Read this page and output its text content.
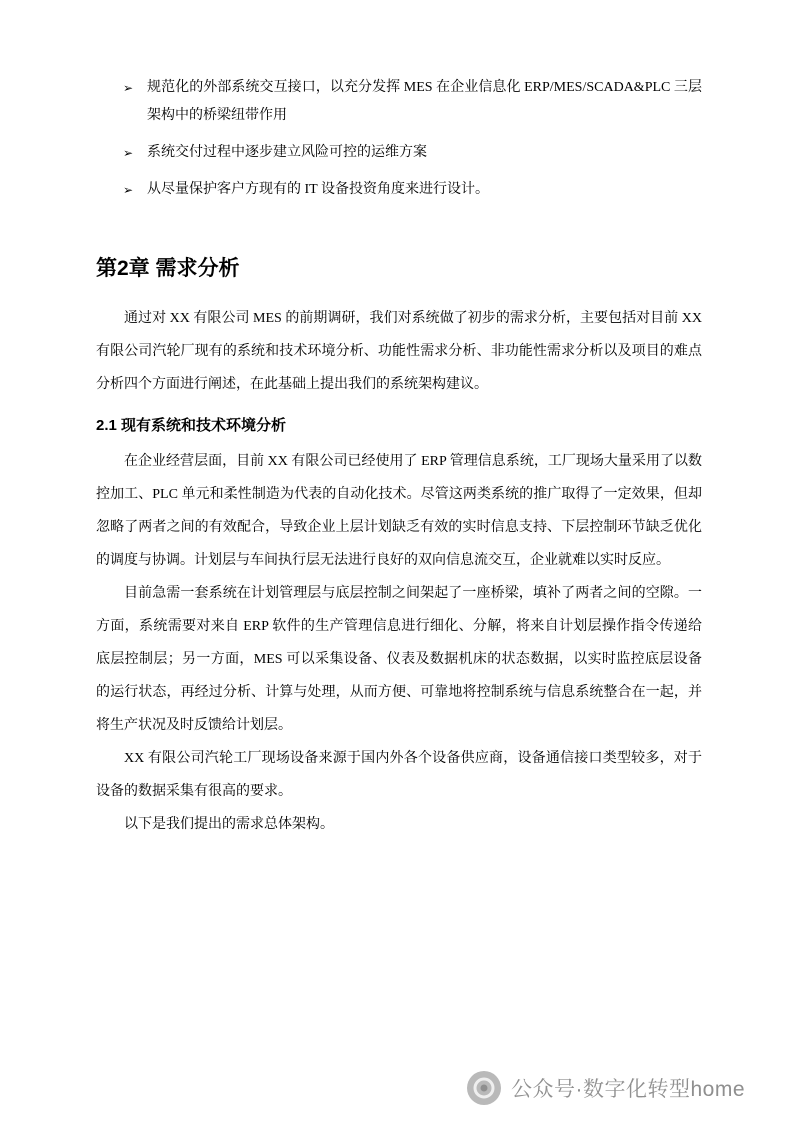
➢ 规范化的外部系统交互接口，以充分发挥 MES 在企业信息化 ERP/MES/SCADA&PLC 三层架构中的桥梁纽带作用
➢ 系统交付过程中逐步建立风险可控的运维方案
➢ 从尽量保护客户方现有的 IT 设备投资角度来进行设计。
第2章 需求分析

通过对 XX 有限公司 MES 的前期调研，我们对系统做了初步的需求分析，主要包括对目前 XX 有限公司汽轮厂现有的系统和技术环境分析、功能性需求分析、非功能性需求分析以及项目的难点分析四个方面进行阐述，在此基础上提出我们的系统架构建议。

2.1 现有系统和技术环境分析

在企业经营层面，目前 XX 有限公司已经使用了 ERP 管理信息系统，工厂现场大量采用了以数控加工、PLC 单元和柔性制造为代表的自动化技术。尽管这两类系统的推广取得了一定效果，但却忽略了两者之间的有效配合，导致企业上层计划缺乏有效的实时信息支持、下层控制环节缺乏优化的调度与协调。计划层与车间执行层无法进行良好的双向信息流交互，企业就难以实时反应。

目前急需一套系统在计划管理层与底层控制之间架起了一座桥梁，填补了两者之间的空隙。一方面，系统需要对来自 ERP 软件的生产管理信息进行细化、分解，将来自计划层操作指令传递给底层控制层；另一方面，MES 可以采集设备、仪表及数据机床的状态数据，以实时监控底层设备的运行状态，再经过分析、计算与处理，从而方便、可靠地将控制系统与信息系统整合在一起，并将生产状况及时反馈给计划层。

XX 有限公司汽轮工厂现场设备来源于国内外各个设备供应商，设备通信接口类型较多，对于设备的数据采集有很高的要求。

以下是我们提出的需求总体架构。

公众号·数字化转型home
